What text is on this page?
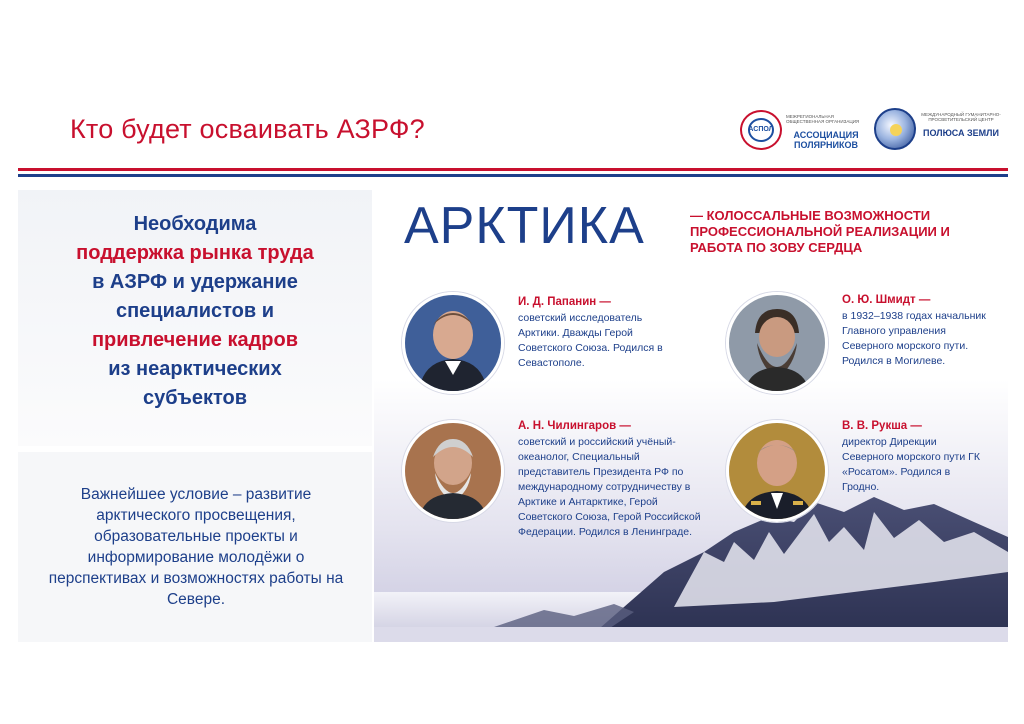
Кто будет осваивать АЗРФ?	АСПОЛ
МЕЖРЕГИОНАЛЬНАЯ ОБЩЕСТВЕННАЯ ОРГАНИЗАЦИЯ
АССОЦИАЦИЯ ПОЛЯРНИКОВ
МЕЖДУНАРОДНЫЙ ГУМАНИТАРНО-ПРОСВЕТИТЕЛЬСКИЙ ЦЕНТР
ПОЛЮСА ЗЕМЛИ
Необходима
поддержка рынка труда
в АЗРФ и удержание
специалистов и
привлечение кадров
из неарктических
субъектов
Важнейшее условие – развитие арктического просвещения, образовательные проекты и информирование молодёжи о перспективах и возможностях работы на Севере.
АРКТИКА	— КОЛОССАЛЬНЫЕ ВОЗМОЖНОСТИ ПРОФЕССИОНАЛЬНОЙ РЕАЛИЗАЦИИ И РАБОТА ПО ЗОВУ СЕРДЦА
И. Д. Папанин —
советский исследователь Арктики. Дважды Герой Советского Союза. Родился в Севастополе.
О. Ю. Шмидт —
в 1932–1938 годах начальник Главного управления Северного морского пути. Родился в Могилеве.
А. Н. Чилингаров —
советский и российский учёный-океанолог, Специальный представитель Президента РФ по международному сотрудничеству в Арктике и Антарктике, Герой Советского Союза, Герой Российской Федерации. Родился в Ленинграде.
В. В. Рукша —
директор Дирекции Северного морского пути ГК «Росатом». Родился в Гродно.
